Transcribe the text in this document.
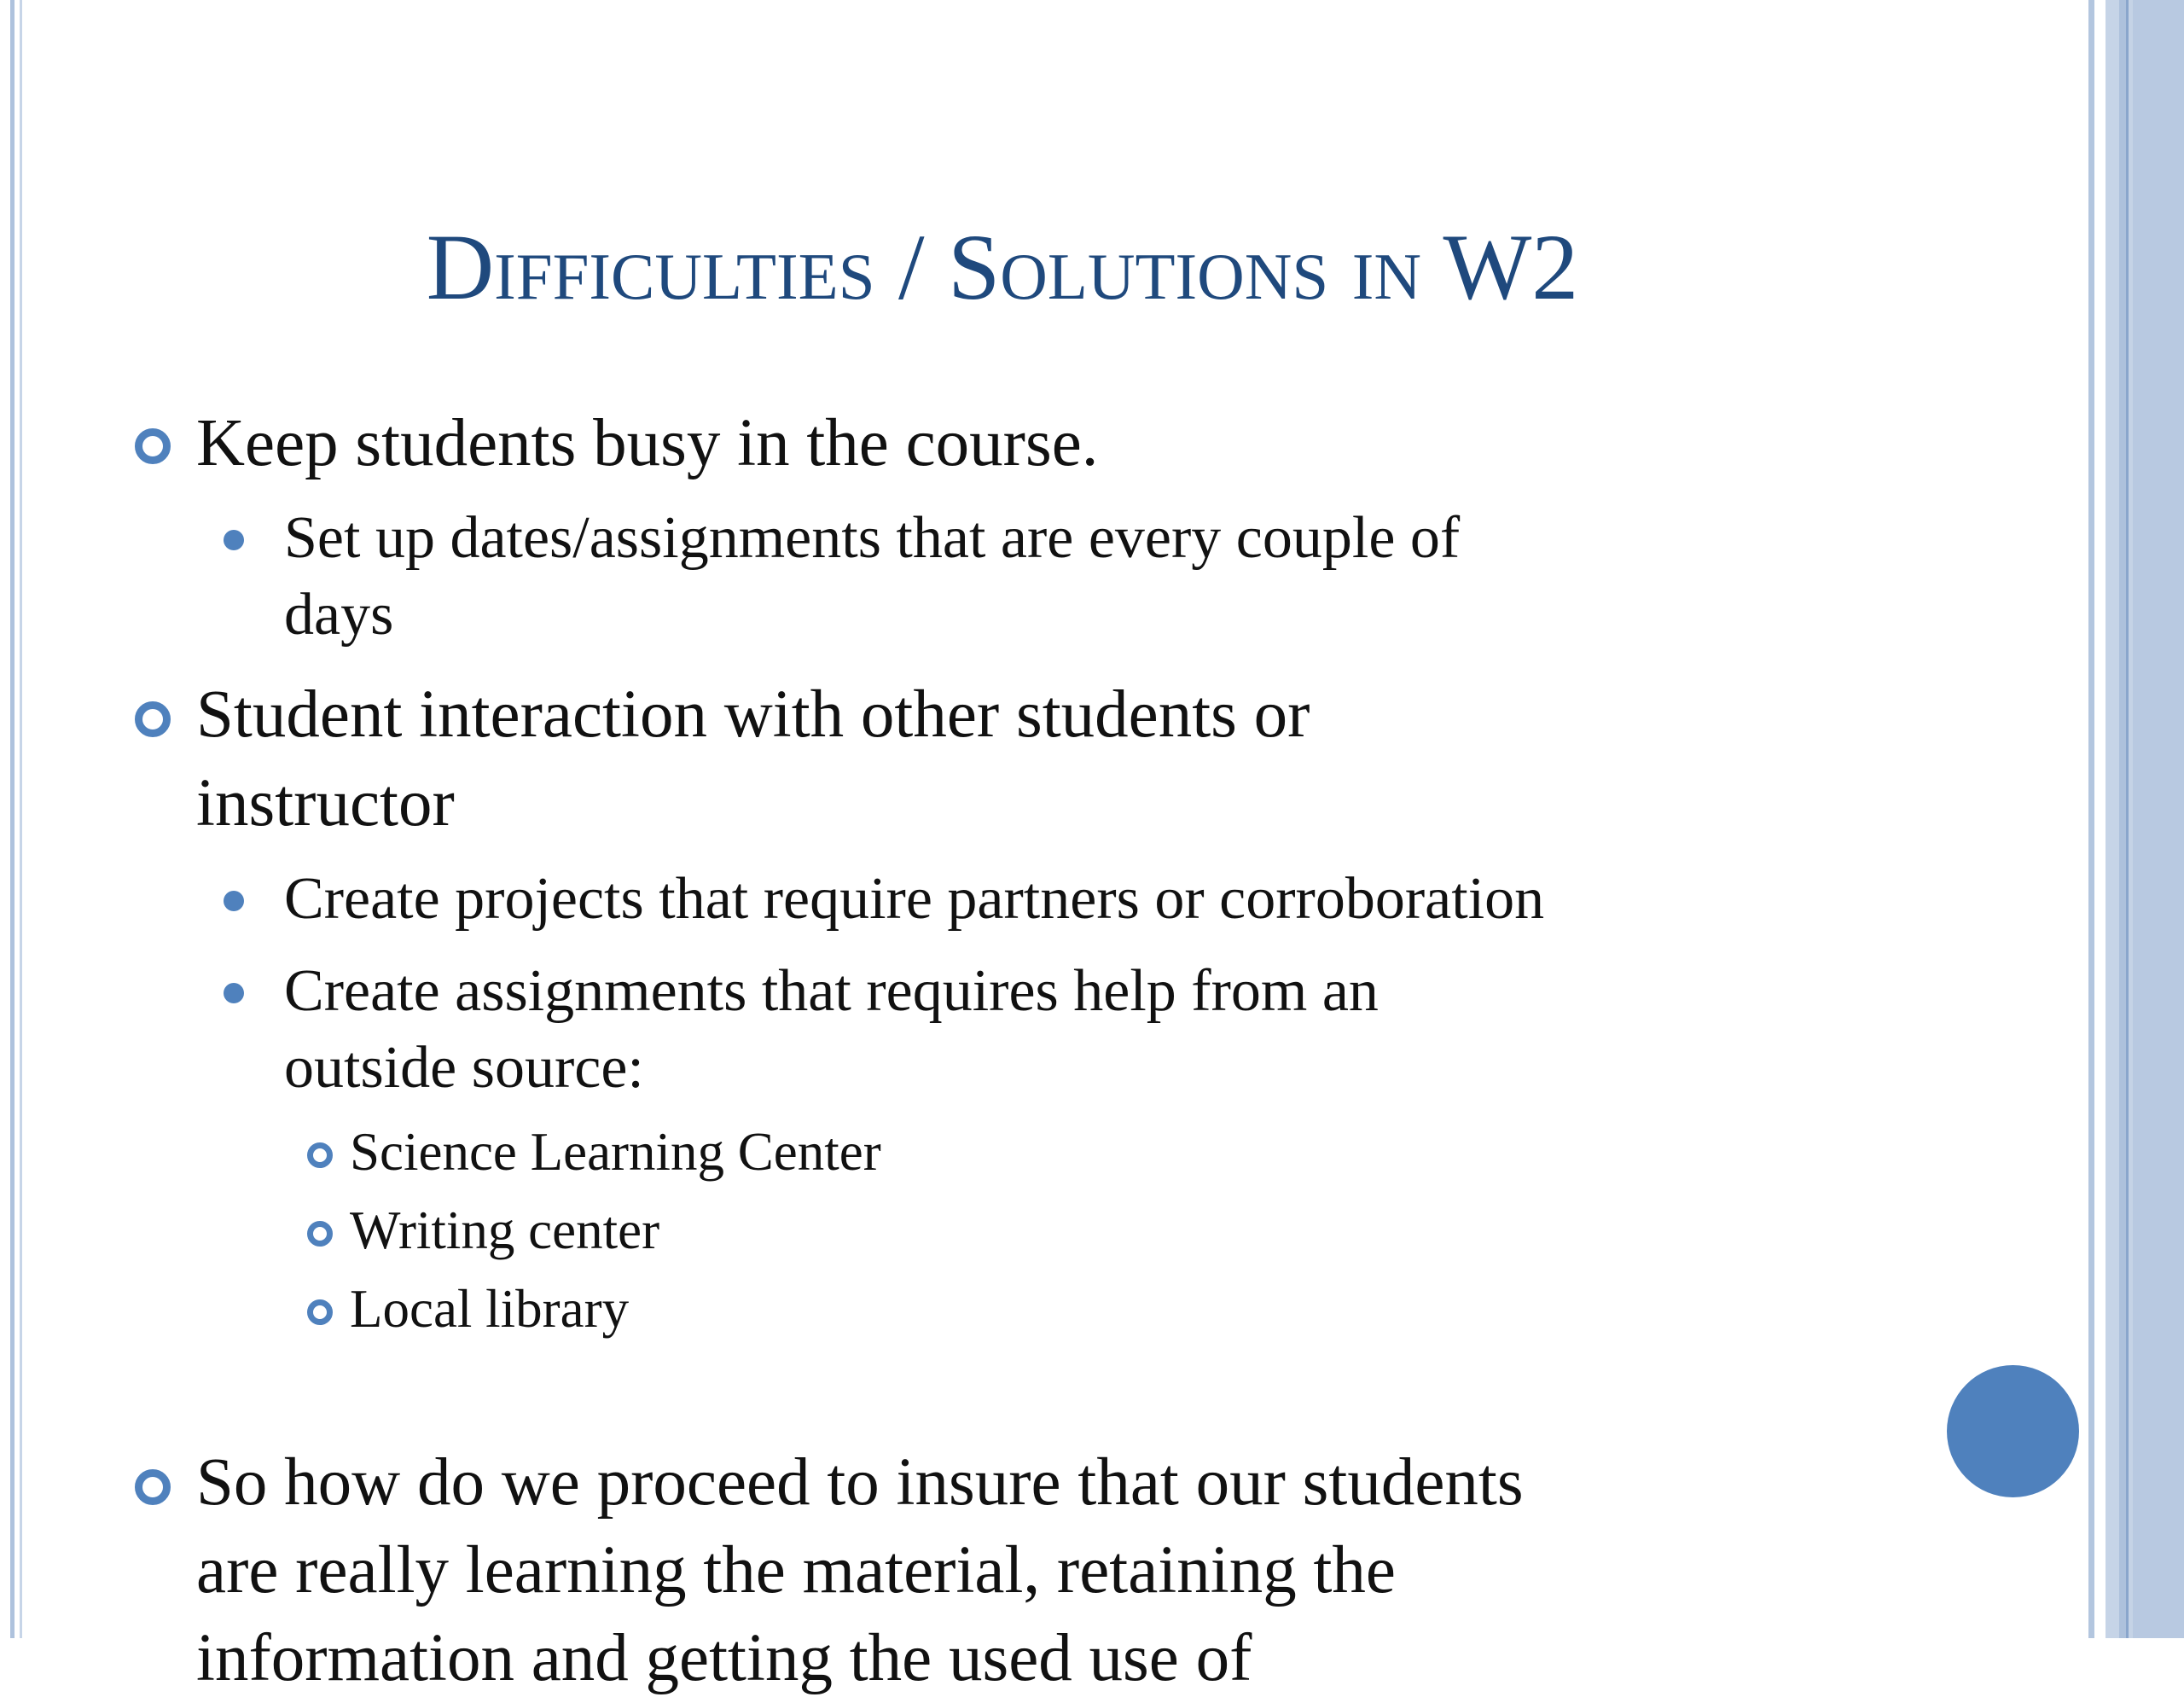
Difficulties / Solutions in W2
Keep students busy in the course.
Set up dates/assignments that are every couple of
days
Student interaction with other students or
instructor
Create projects that require partners or corroboration
Create assignments that requires help from an
outside source:
Science Learning Center
Writing center
Local library
So how do we proceed to insure that our students
are really learning the material, retaining the
information and getting the used use of
